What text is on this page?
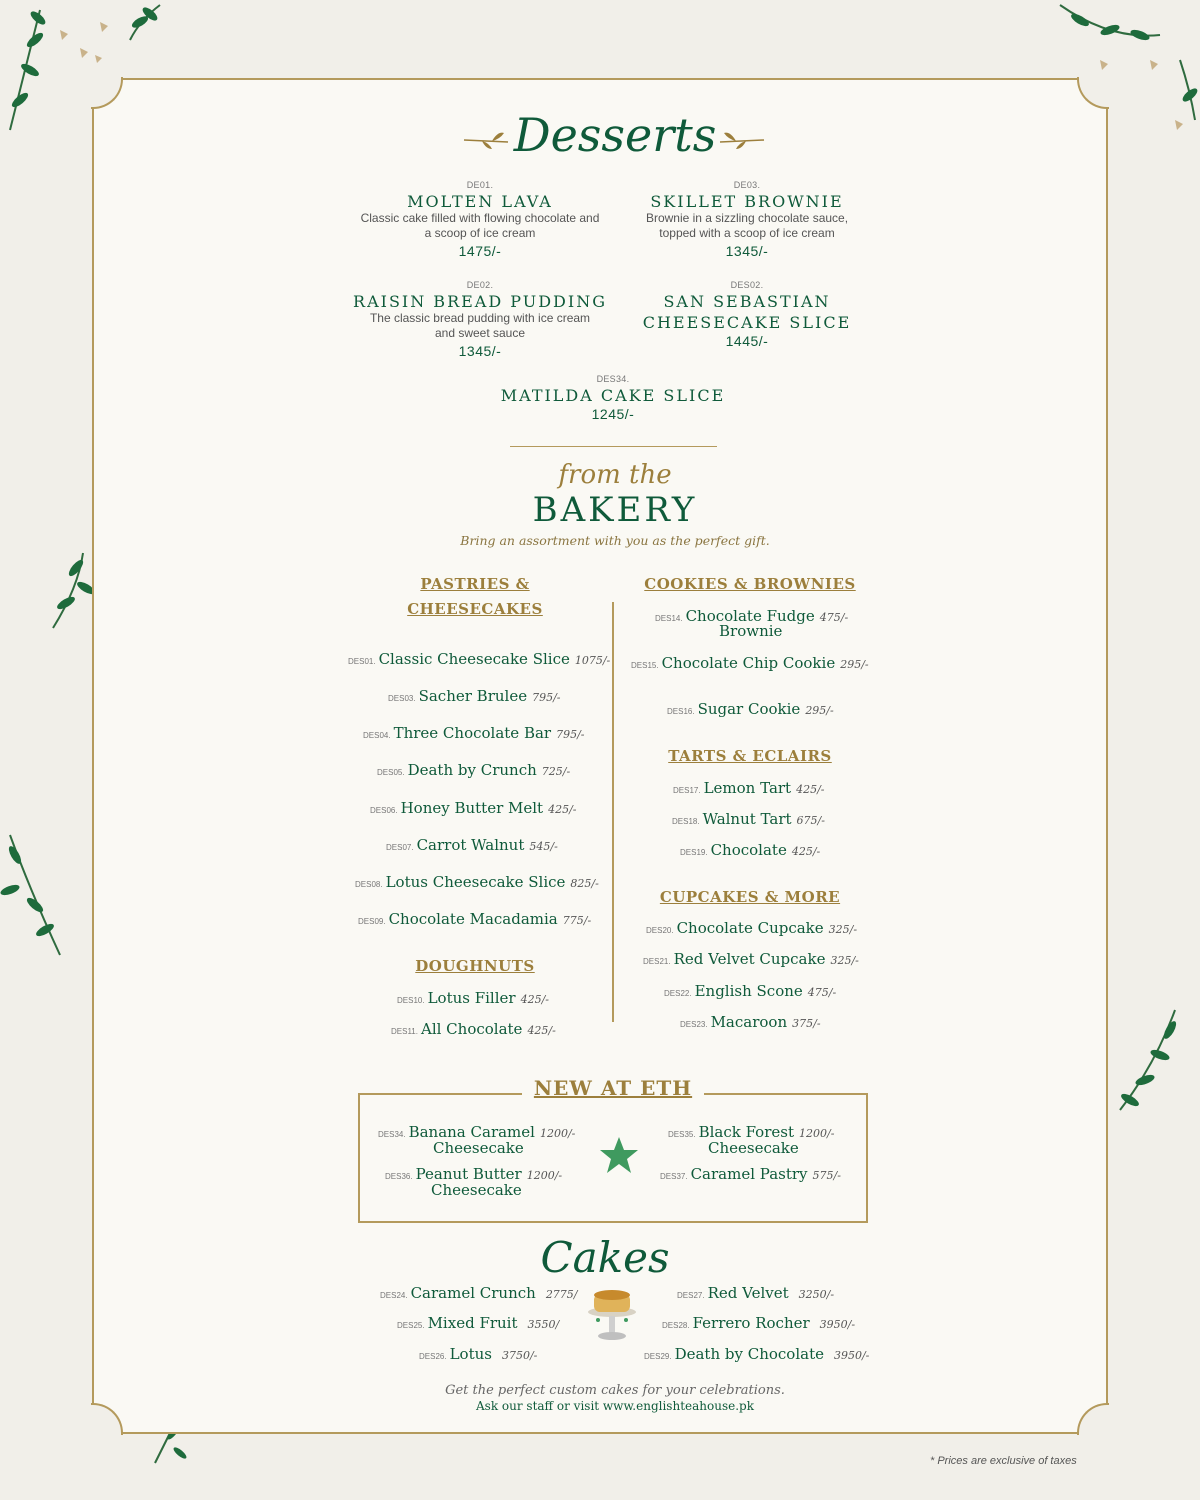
Desserts
DE01.
MOLTEN LAVA
Classic cake filled with flowing chocolate and
a scoop of ice cream
1475/-
DE03.
SKILLET BROWNIE
Brownie in a sizzling chocolate sauce,
topped with a scoop of ice cream
1345/-
DE02.
RAISIN BREAD PUDDING
The classic bread pudding with ice cream
and sweet sauce
1345/-
DES02.
SAN SEBASTIAN
CHEESECAKE SLICE
1445/-
DES34.
MATILDA CAKE SLICE
1245/-
from the
BAKERY
Bring an assortment with you as the perfect gift.
PASTRIES &
CHEESECAKES
DES01. Classic Cheesecake Slice 1075/-
DES03. Sacher Brulee 795/-
DES04. Three Chocolate Bar 795/-
DES05. Death by Crunch 725/-
DES06. Honey Butter Melt 425/-
DES07. Carrot Walnut 545/-
DES08. Lotus Cheesecake Slice 825/-
DES09. Chocolate Macadamia 775/-
DOUGHNUTS
DES10. Lotus Filler 425/-
DES11. All Chocolate 425/-
COOKIES & BROWNIES
DES14. Chocolate Fudge 475/-
Brownie
DES15. Chocolate Chip Cookie 295/-
DES16. Sugar Cookie 295/-
TARTS & ECLAIRS
DES17. Lemon Tart 425/-
DES18. Walnut Tart 675/-
DES19. Chocolate 425/-
CUPCAKES & MORE
DES20. Chocolate Cupcake 325/-
DES21. Red Velvet Cupcake 325/-
DES22. English Scone 475/-
DES23. Macaroon 375/-
NEW AT ETH
DES34. Banana Caramel 1200/-
Cheesecake
DES36. Peanut Butter 1200/-
Cheesecake
DES35. Black Forest 1200/-
Cheesecake
DES37. Caramel Pastry 575/-
Cakes
DES24. Caramel Crunch 2775/
DES25. Mixed Fruit 3550/
DES26. Lotus 3750/-
DES27. Red Velvet 3250/-
DES28. Ferrero Rocher 3950/-
DES29. Death by Chocolate 3950/-
Get the perfect custom cakes for your celebrations.
Ask our staff or visit www.englishteahouse.pk
* Prices are exclusive of taxes
